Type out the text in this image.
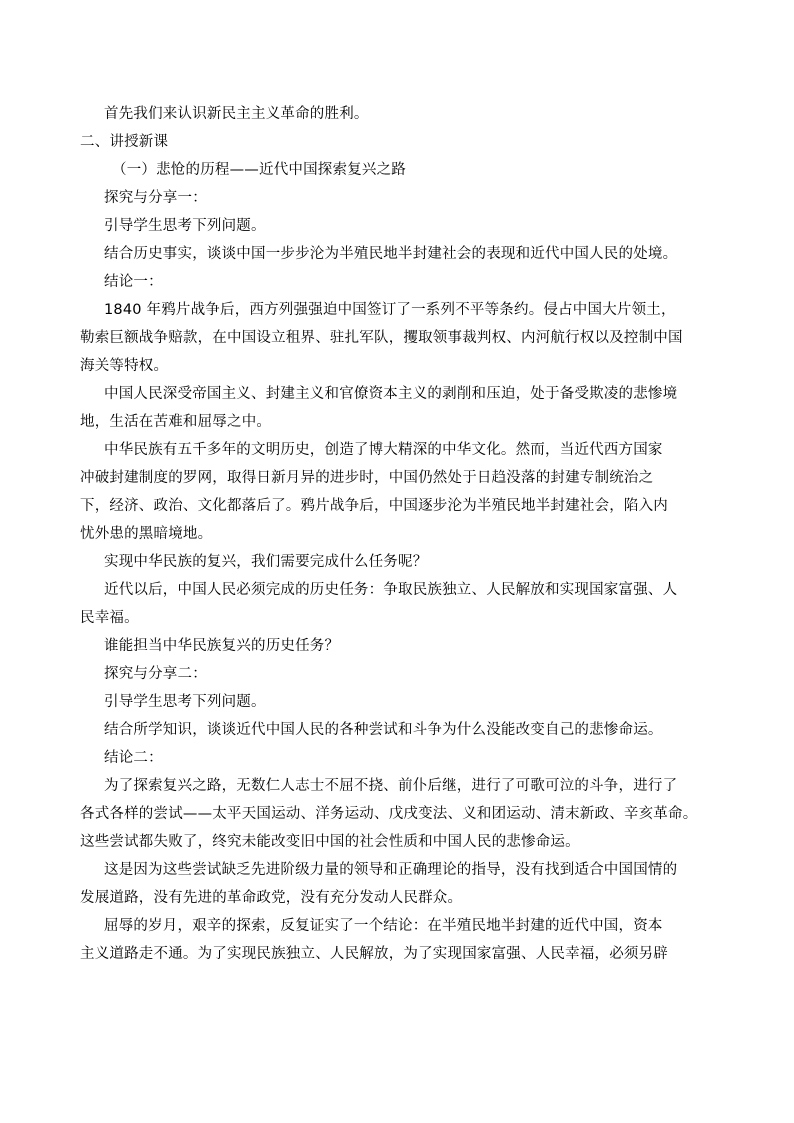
首先我们来认识新民主主义革命的胜利。
二、讲授新课
（一）悲怆的历程——近代中国探索复兴之路
探究与分享一：
引导学生思考下列问题。
结合历史事实，谈谈中国一步步沦为半殖民地半封建社会的表现和近代中国人民的处境。
结论一：
1840 年鸦片战争后，西方列强强迫中国签订了一系列不平等条约。侵占中国大片领土，
勒索巨额战争赔款，在中国设立租界、驻扎军队，攫取领事裁判权、内河航行权以及控制中国
海关等特权。
中国人民深受帝国主义、封建主义和官僚资本主义的剥削和压迫，处于备受欺凌的悲惨境
地，生活在苦难和屈辱之中。
中华民族有五千多年的文明历史，创造了博大精深的中华文化。然而，当近代西方国家
冲破封建制度的罗网，取得日新月异的进步时，中国仍然处于日趋没落的封建专制统治之
下，经济、政治、文化都落后了。鸦片战争后，中国逐步沦为半殖民地半封建社会，陷入内
忧外患的黑暗境地。
实现中华民族的复兴，我们需要完成什么任务呢？
近代以后，中国人民必须完成的历史任务：争取民族独立、人民解放和实现国家富强、人
民幸福。
谁能担当中华民族复兴的历史任务？
探究与分享二：
引导学生思考下列问题。
结合所学知识，谈谈近代中国人民的各种尝试和斗争为什么没能改变自己的悲惨命运。
结论二：
为了探索复兴之路，无数仁人志士不屈不挠、前仆后继，进行了可歌可泣的斗争，进行了
各式各样的尝试——太平天国运动、洋务运动、戊戌变法、义和团运动、清末新政、辛亥革命。
这些尝试都失败了，终究未能改变旧中国的社会性质和中国人民的悲惨命运。
这是因为这些尝试缺乏先进阶级力量的领导和正确理论的指导，没有找到适合中国国情的
发展道路，没有先进的革命政党，没有充分发动人民群众。
屈辱的岁月，艰辛的探索，反复证实了一个结论：在半殖民地半封建的近代中国，资本
主义道路走不通。为了实现民族独立、人民解放，为了实现国家富强、人民幸福，必须另辟
